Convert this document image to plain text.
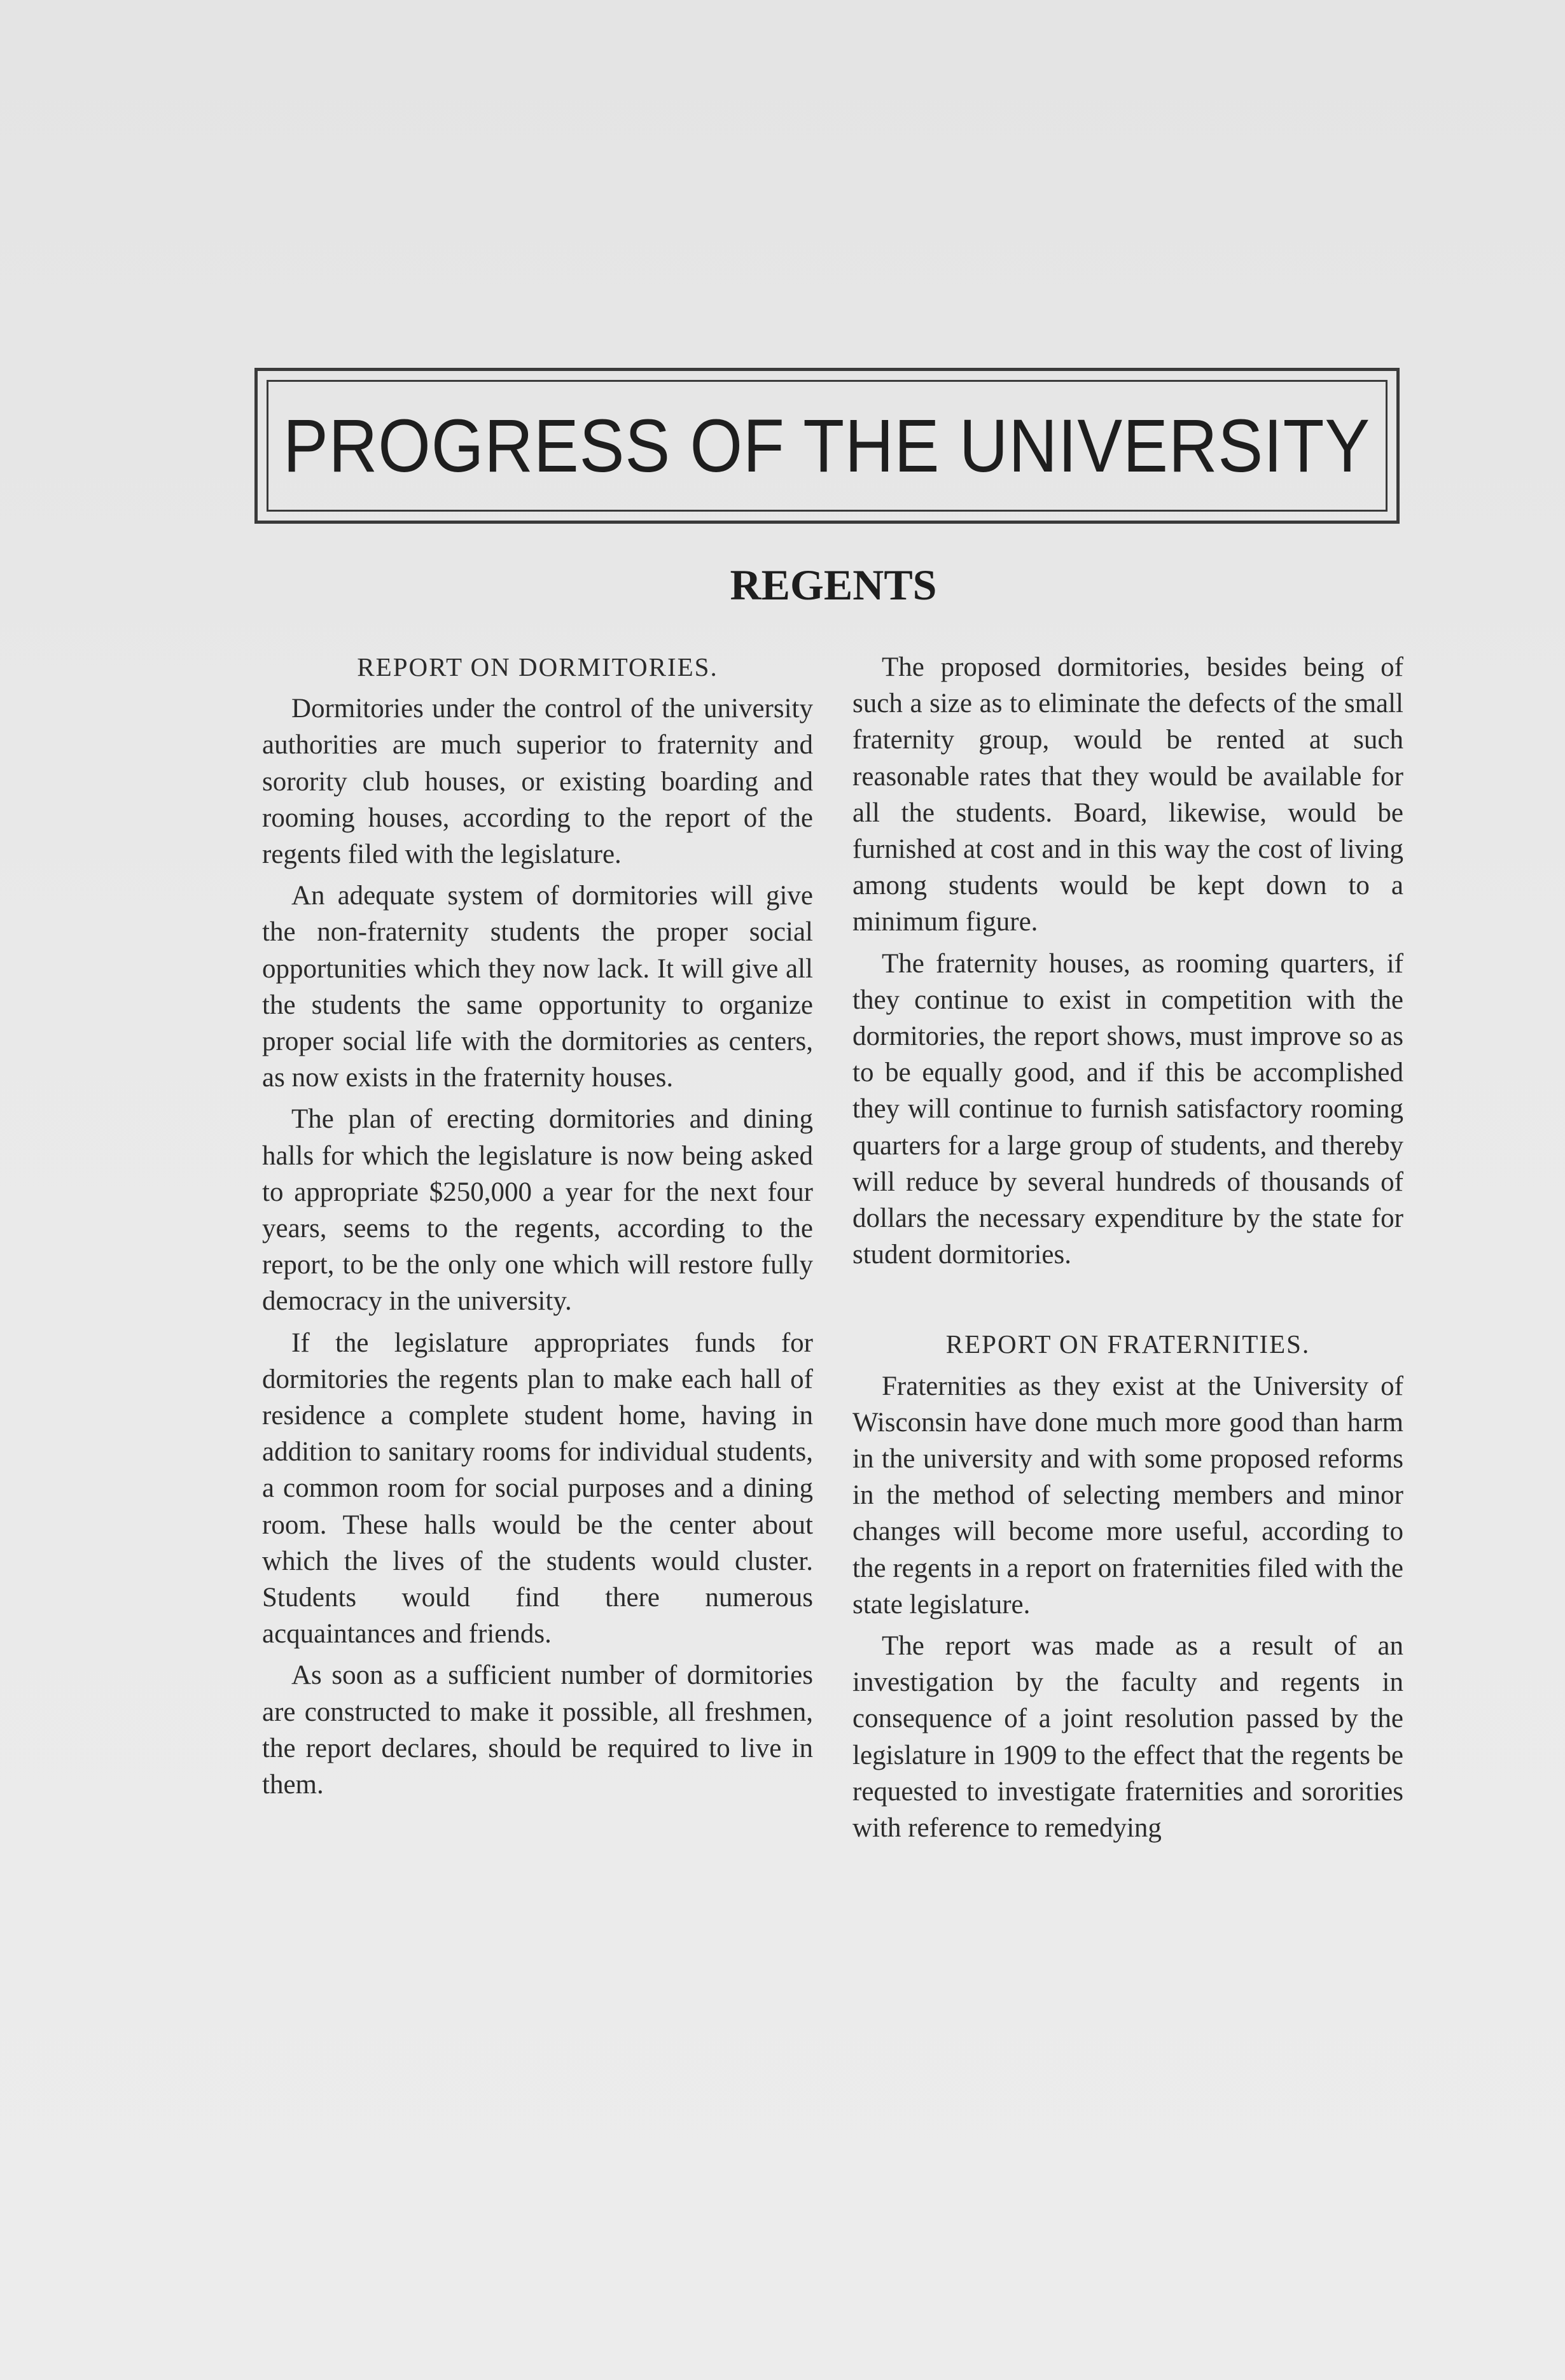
PROGRESS OF THE UNIVERSITY
REGENTS
REPORT ON DORMITORIES.

Dormitories under the control of the university authorities are much superior to fraternity and sorority club houses, or existing boarding and rooming houses, according to the report of the regents filed with the legislature.

An adequate system of dormitories will give the non-fraternity students the proper social opportunities which they now lack. It will give all the students the same opportunity to organize proper social life with the dormitories as centers, as now exists in the fraternity houses.

The plan of erecting dormitories and dining halls for which the legislature is now being asked to appropriate $250,000 a year for the next four years, seems to the regents, according to the report, to be the only one which will restore fully democracy in the university.

If the legislature appropriates funds for dormitories the regents plan to make each hall of residence a complete student home, having in addition to sanitary rooms for individual students, a common room for social purposes and a dining room. These halls would be the center about which the lives of the students would cluster. Students would find there numerous acquaintances and friends.

As soon as a sufficient number of dormitories are constructed to make it possible, all freshmen, the report declares, should be required to live in them.

The proposed dormitories, besides being of such a size as to eliminate the defects of the small fraternity group, would be rented at such reasonable rates that they would be available for all the students. Board, likewise, would be furnished at cost and in this way the cost of living among students would be kept down to a minimum figure.

The fraternity houses, as rooming quarters, if they continue to exist in competition with the dormitories, the report shows, must improve so as to be equally good, and if this be accomplished they will continue to furnish satisfactory rooming quarters for a large group of students, and thereby will reduce by several hundreds of thousands of dollars the necessary expenditure by the state for student dormitories.

REPORT ON FRATERNITIES.

Fraternities as they exist at the University of Wisconsin have done much more good than harm in the university and with some proposed reforms in the method of selecting members and minor changes will become more useful, according to the regents in a report on fraternities filed with the state legislature.

The report was made as a result of an investigation by the faculty and regents in consequence of a joint resolution passed by the legislature in 1909 to the effect that the regents be requested to investigate fraternities and sororities with reference to remedying
